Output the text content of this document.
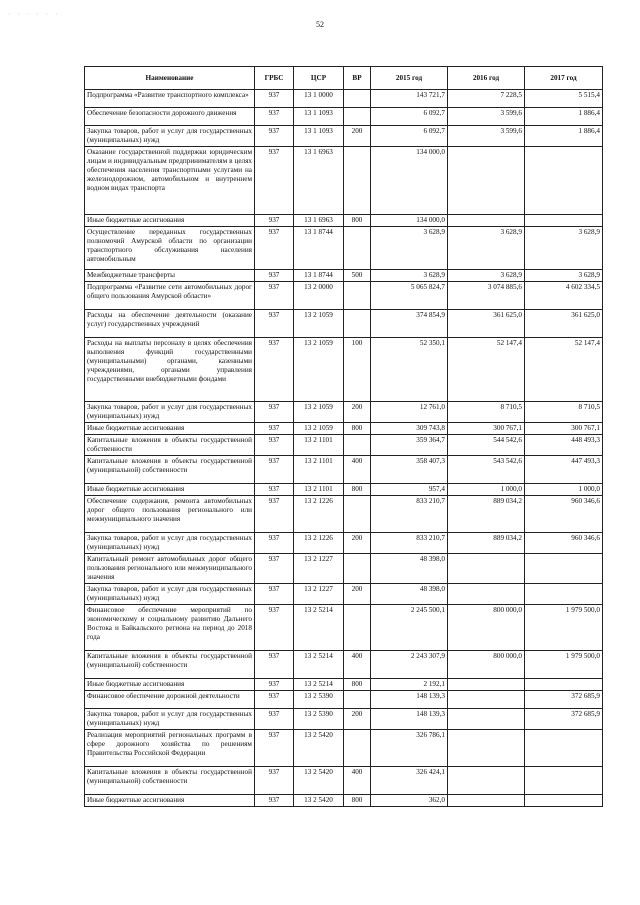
· · · · · ·
52
Наименование	ГРБС	ЦСР	ВР	2015 год	2016 год	2017 год
Подпрограмма «Развитие транспортного комплекса»	937	13 1 0000		143 721,7	7 228,5	5 515,4
Обеспечение безопасности дорожного движения	937	13 1 1093		6 092,7	3 599,6	1 886,4
Закупка товаров, работ и услуг для государственных (муниципальных) нужд	937	13 1 1093	200	6 092,7	3 599,6	1 886,4
Оказание государственной поддержки юридическим лицам и индивидуальным предпринимателям в целях обеспечения населения транспортными услугами на железнодорожном, автомобильном и внутреннем водном видах транспорта	937	13 1 6963		134 000,0		
Иные бюджетные ассигнования	937	13 1 6963	800	134 000,0		
Осуществление переданных государственных полномочий Амурской области по организации транспортного обслуживания населения автомобильным	937	13 1 8744		3 628,9	3 628,9	3 628,9
Межбюджетные трансферты	937	13 1 8744	500	3 628,9	3 628,9	3 628,9
Подпрограмма «Развитие сети автомобильных дорог общего пользования Амурской области»	937	13 2 0000		5 065 824,7	3 074 885,6	4 602 334,5
Расходы на обеспечение деятельности (оказание услуг) государственных учреждений	937	13 2 1059		374 854,9	361 625,0	361 625,0
Расходы на выплаты персоналу в целях обеспечения выполнения функций государственными (муниципальными) органами, казенными учреждениями, органами управления государственными внебюджетными фондами	937	13 2 1059	100	52 350,1	52 147,4	52 147,4
Закупка товаров, работ и услуг для государственных (муниципальных) нужд	937	13 2 1059	200	12 761,0	8 710,5	8 710,5
Иные бюджетные ассигнования	937	13 2 1059	800	309 743,8	300 767,1	300 767,1
Капитальные вложения в объекты государственной собственности	937	13 2 1101		359 364,7	544 542,6	448 493,3
Капитальные вложения в объекты государственной (муниципальной) собственности	937	13 2 1101	400	358 407,3	543 542,6	447 493,3
Иные бюджетные ассигнования	937	13 2 1101	800	957,4	1 000,0	1 000,0
Обеспечение содержания, ремонта автомобильных дорог общего пользования регионального или межмуниципального значения	937	13 2 1226		833 210,7	889 034,2	960 346,6
Закупка товаров, работ и услуг для государственных (муниципальных) нужд	937	13 2 1226	200	833 210,7	889 034,2	960 346,6
Капитальный ремонт автомобильных дорог общего пользования регионального или межмуниципального значения	937	13 2 1227		48 398,0		
Закупка товаров, работ и услуг для государственных (муниципальных) нужд	937	13 2 1227	200	48 398,0		
Финансовое обеспечение мероприятий по экономическому и социальному развитию Дальнего Востока и Байкальского региона на период до 2018 года	937	13 2 5214		2 245 500,1	800 000,0	1 979 500,0
Капитальные вложения в объекты государственной (муниципальной) собственности	937	13 2 5214	400	2 243 307,9	800 000,0	1 979 500,0
Иные бюджетные ассигнования	937	13 2 5214	800	2 192,1		
Финансовое обеспечение дорожной деятельности	937	13 2 5390		148 139,3		372 685,9
Закупка товаров, работ и услуг для государственных (муниципальных) нужд	937	13 2 5390	200	148 139,3		372 685,9
Реализация мероприятий региональных программ в сфере дорожного хозяйства по решениям Правительства Российской Федерации	937	13 2 5420		326 786,1		
Капитальные вложения в объекты государственной (муниципальной) собственности	937	13 2 5420	400	326 424,1		
Иные бюджетные ассигнования	937	13 2 5420	800	362,0		
